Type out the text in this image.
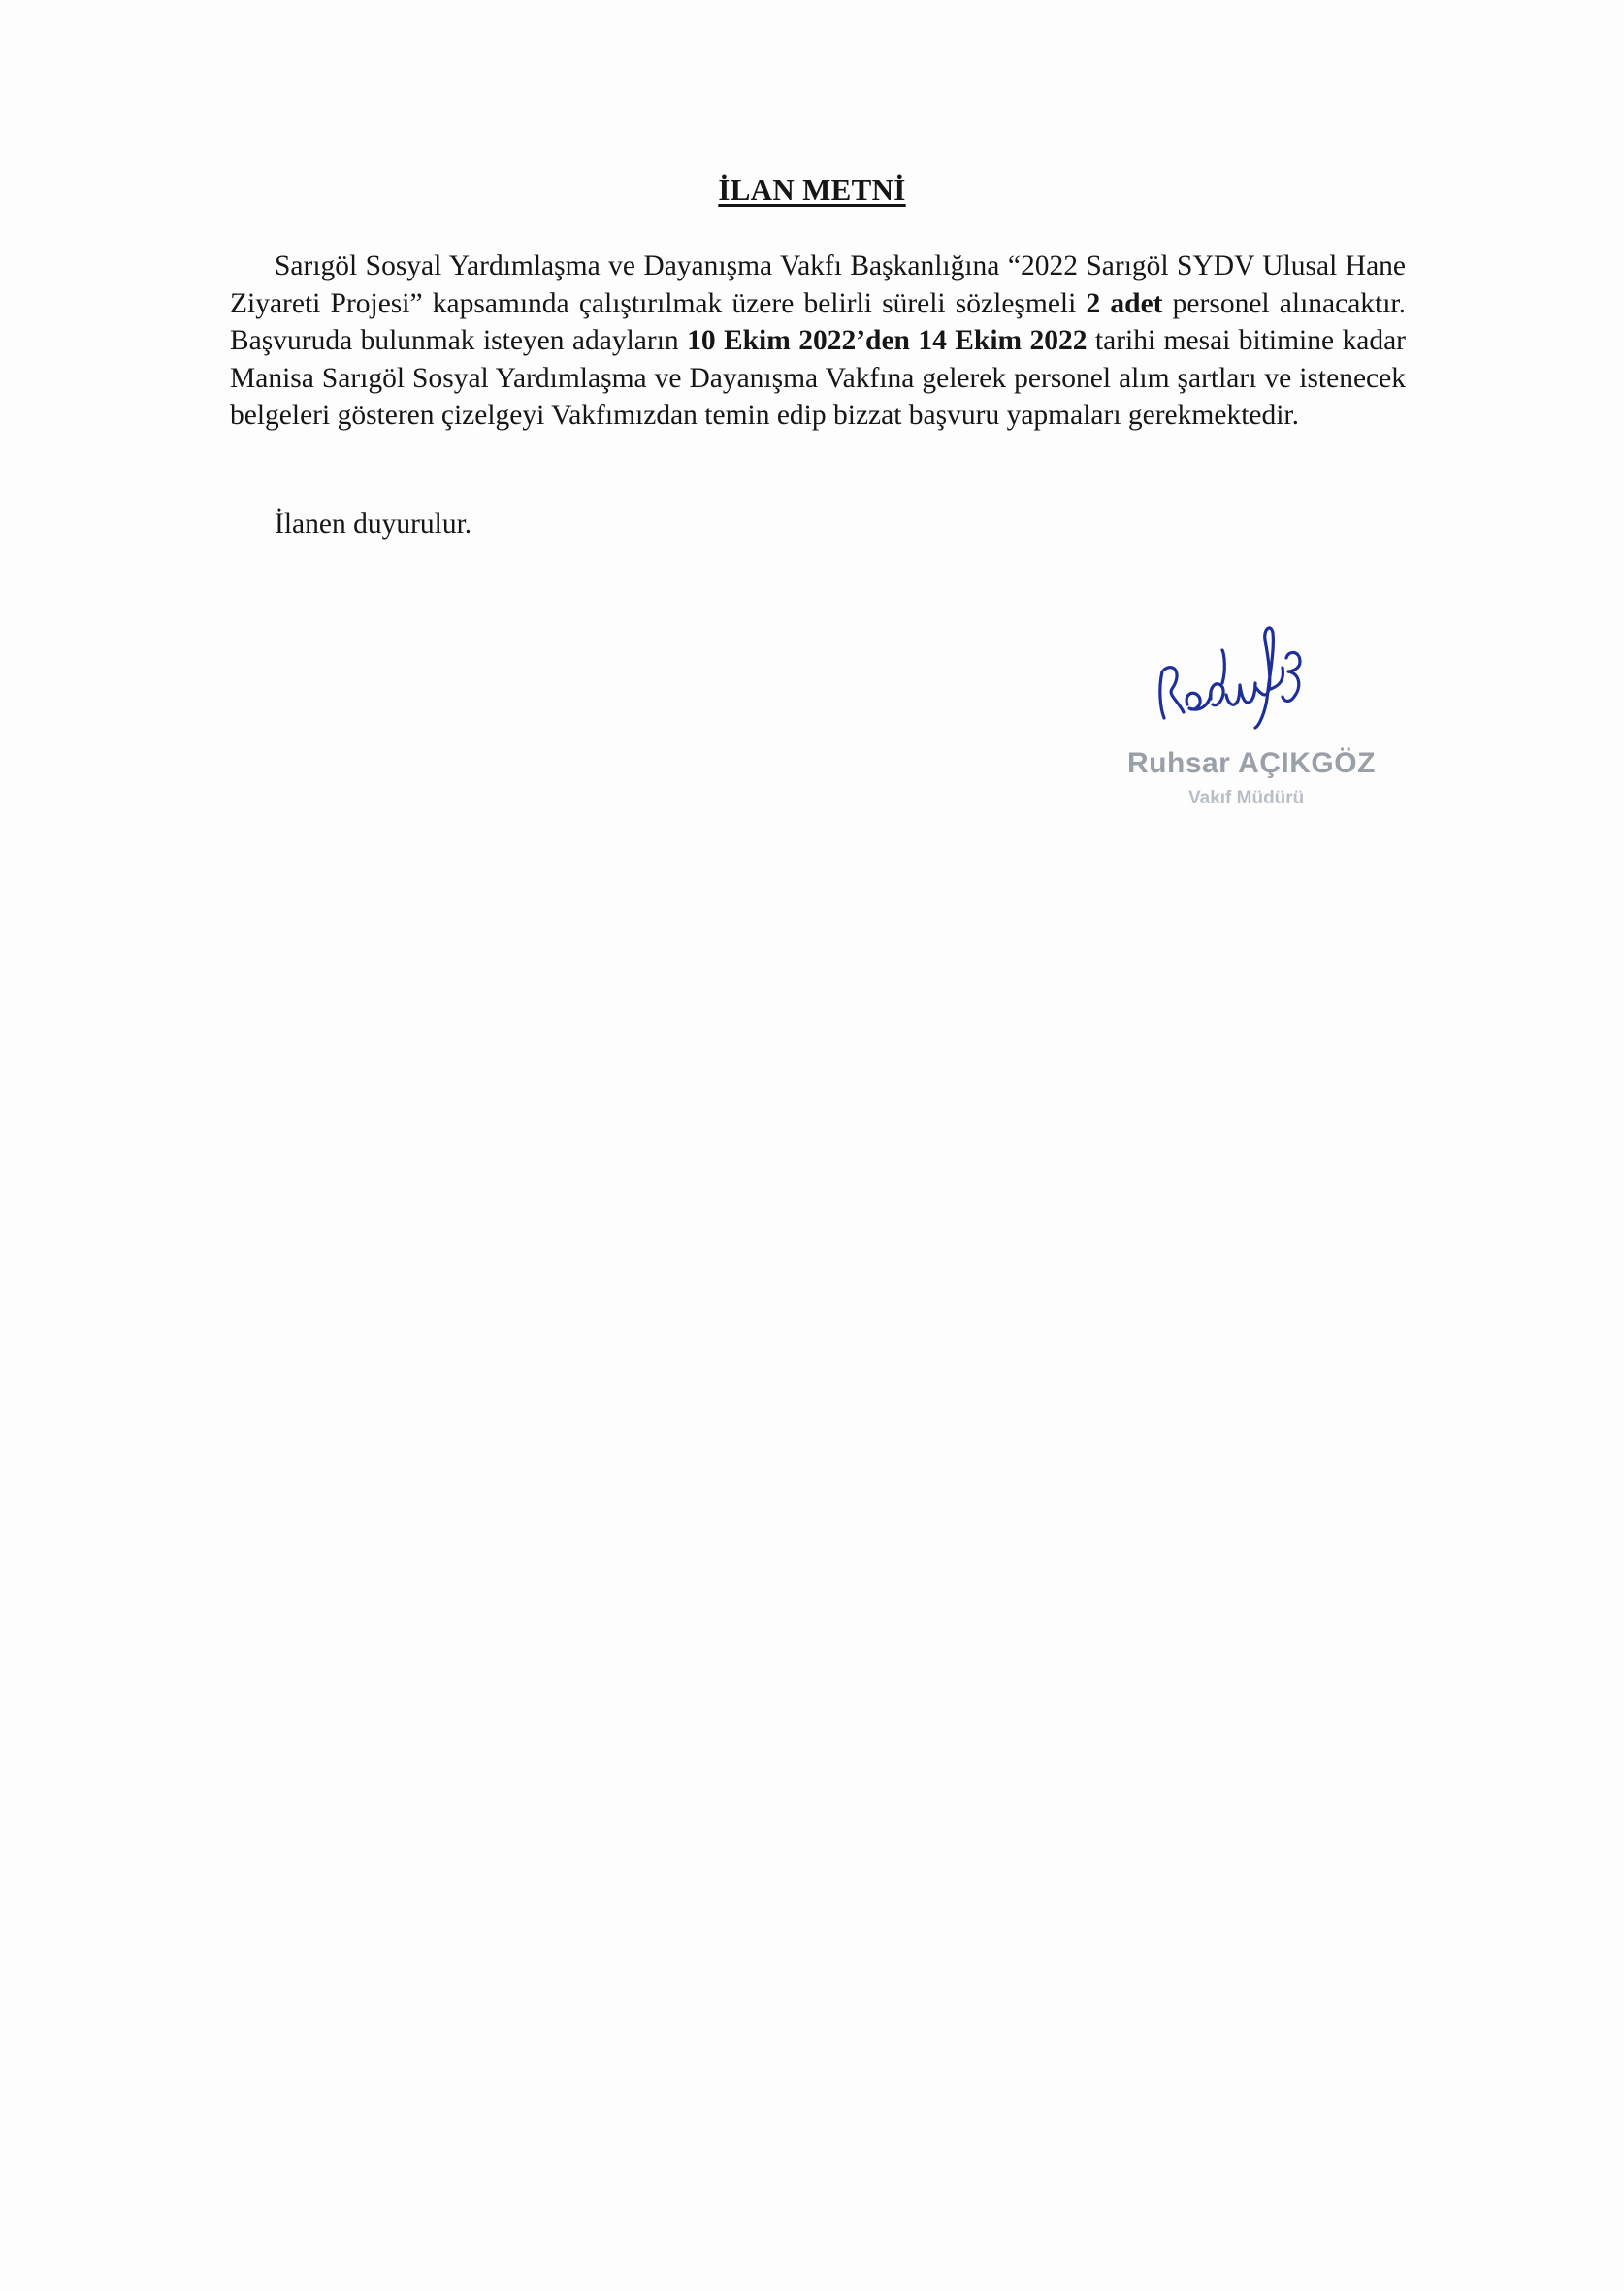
İLAN METNİ

Sarıgöl Sosyal Yardımlaşma ve Dayanışma Vakfı Başkanlığına “2022 Sarıgöl SYDV Ulusal Hane Ziyareti Projesi” kapsamında çalıştırılmak üzere belirli süreli sözleşmeli 2 adet personel alınacaktır. Başvuruda bulunmak isteyen adayların 10 Ekim 2022’den 14 Ekim 2022 tarihi mesai bitimine kadar Manisa Sarıgöl Sosyal Yardımlaşma ve Dayanışma Vakfına gelerek personel alım şartları ve istenecek belgeleri gösteren çizelgeyi Vakfımızdan temin edip bizzat başvuru yapmaları gerekmektedir.

İlanen duyurulur.

Ruhsar AÇIKGÖZ
Vakıf Müdürü
